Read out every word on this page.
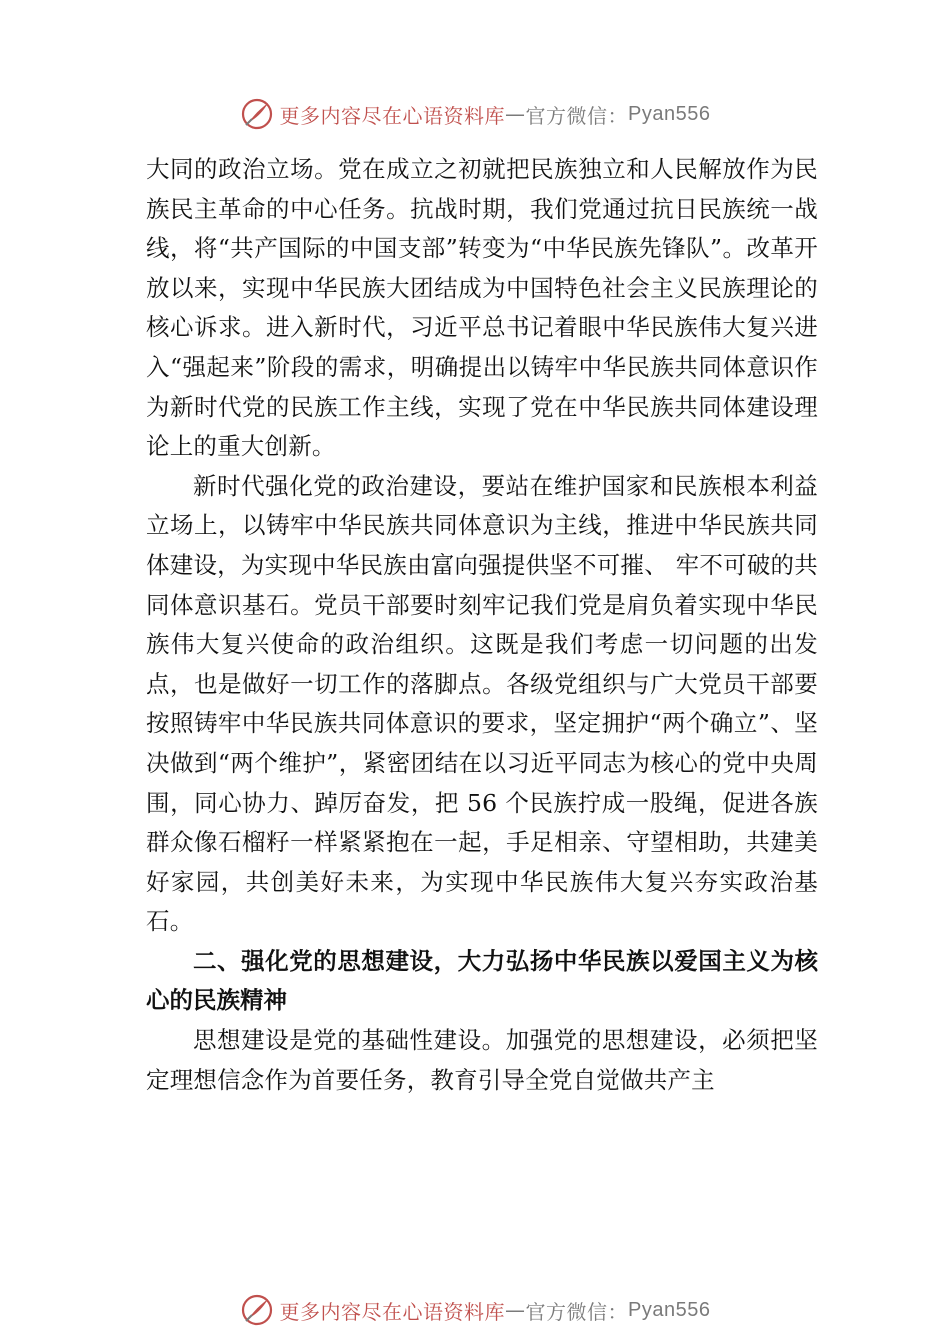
更多内容尽在心语资料库 — 官方微信： Pyan556

大同的政治立场。党在成立之初就把民族独立和人民解放作为民族民主革命的中心任务。抗战时期，我们党通过抗日民族统一战线，将“共产国际的中国支部”转变为“中华民族先锋队”。改革开放以来，实现中华民族大团结成为中国特色社会主义民族理论的核心诉求。进入新时代，习近平总书记着眼中华民族伟大复兴进入“强起来”阶段的需求，明确提出以铸牢中华民族共同体意识作为新时代党的民族工作主线，实现了党在中华民族共同体建设理论上的重大创新。

新时代强化党的政治建设，要站在维护国家和民族根本利益立场上，以铸牢中华民族共同体意识为主线，推进中华民族共同体建设，为实现中华民族由富向强提供坚不可摧、 牢不可破的共同体意识基石。党员干部要时刻牢记我们党是肩负着实现中华民族伟大复兴使命的政治组织。这既是我们考虑一切问题的出发点，也是做好一切工作的落脚点。各级党组织与广大党员干部要按照铸牢中华民族共同体意识的要求，坚定拥护“两个确立”、坚决做到“两个维护”，紧密团结在以习近平同志为核心的党中央周围，同心协力、踔厉奋发，把 56 个民族拧成一股绳，促进各族群众像石榴籽一样紧紧抱在一起，手足相亲、守望相助，共建美好家园，共创美好未来，为实现中华民族伟大复兴夯实政治基石。

二、强化党的思想建设，大力弘扬中华民族以爱国主义为核心的民族精神

思想建设是党的基础性建设。加强党的思想建设，必须把坚定理想信念作为首要任务，教育引导全党自觉做共产主

更多内容尽在心语资料库 — 官方微信： Pyan556
